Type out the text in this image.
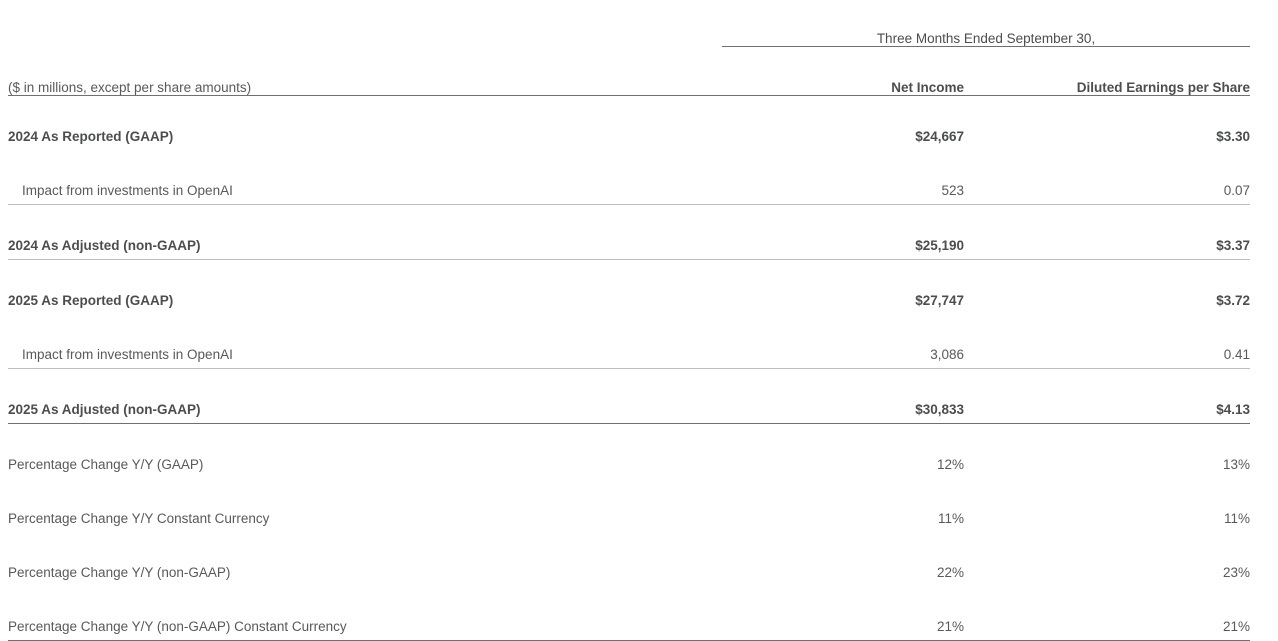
	Three Months Ended September 30,	
($ in millions, except per share amounts)	Net Income	Diluted Earnings per Share
2024 As Reported (GAAP)	$24,667	$3.30
Impact from investments in OpenAI	523	0.07
2024 As Adjusted (non-GAAP)	$25,190	$3.37
2025 As Reported (GAAP)	$27,747	$3.72
Impact from investments in OpenAI	3,086	0.41
2025 As Adjusted (non-GAAP)	$30,833	$4.13
Percentage Change Y/Y (GAAP)	12%	13%
Percentage Change Y/Y Constant Currency	11%	11%
Percentage Change Y/Y (non-GAAP)	22%	23%
Percentage Change Y/Y (non-GAAP) Constant Currency	21%	21%
